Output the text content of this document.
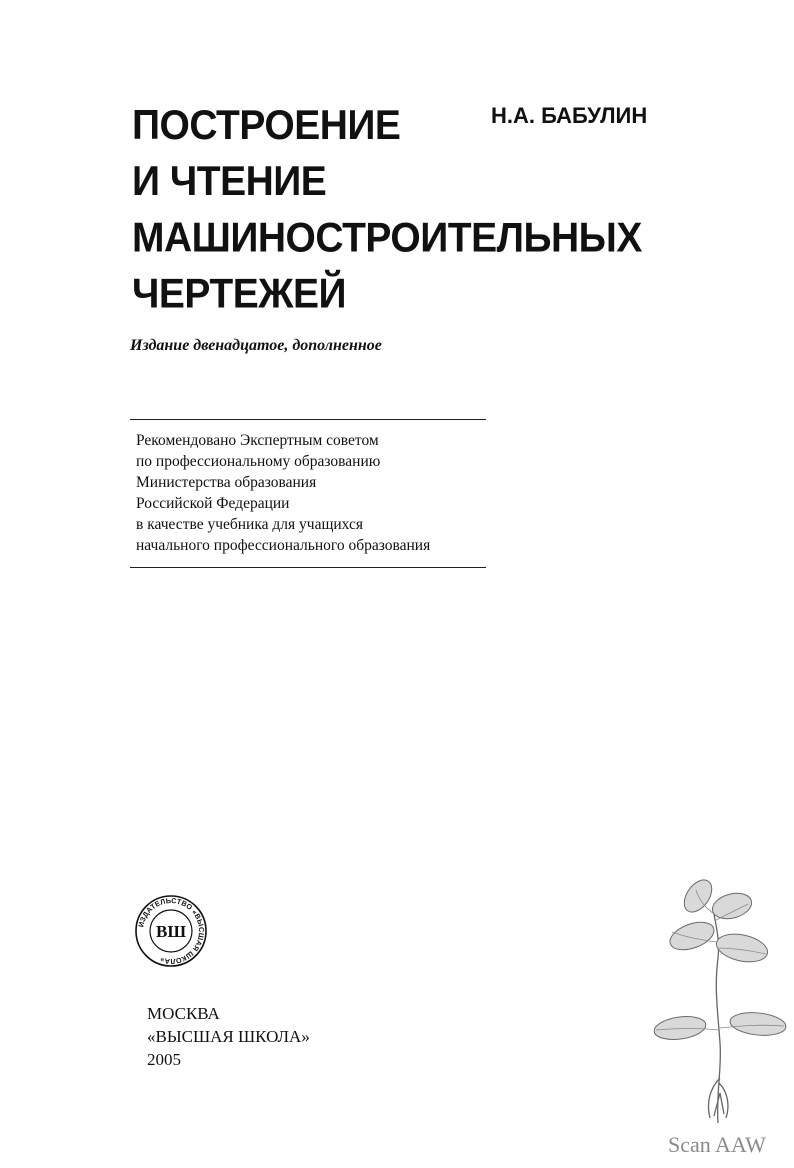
ПОСТРОЕНИЕ
И ЧТЕНИЕ
МАШИНОСТРОИТЕЛЬНЫХ
ЧЕРТЕЖЕЙ
Н.А. БАБУЛИН
Издание двенадцатое, дополненное
Рекомендовано Экспертным советом
по профессиональному образованию
Министерства образования
Российской Федерации
в качестве учебника для учащихся
начального профессионального образования
ИЗДАТЕЛЬСТВО «ВЫСШАЯ ШКОЛА»
ВШ
МОСКВА
«ВЫСШАЯ ШКОЛА»
2005
Scan AAW
